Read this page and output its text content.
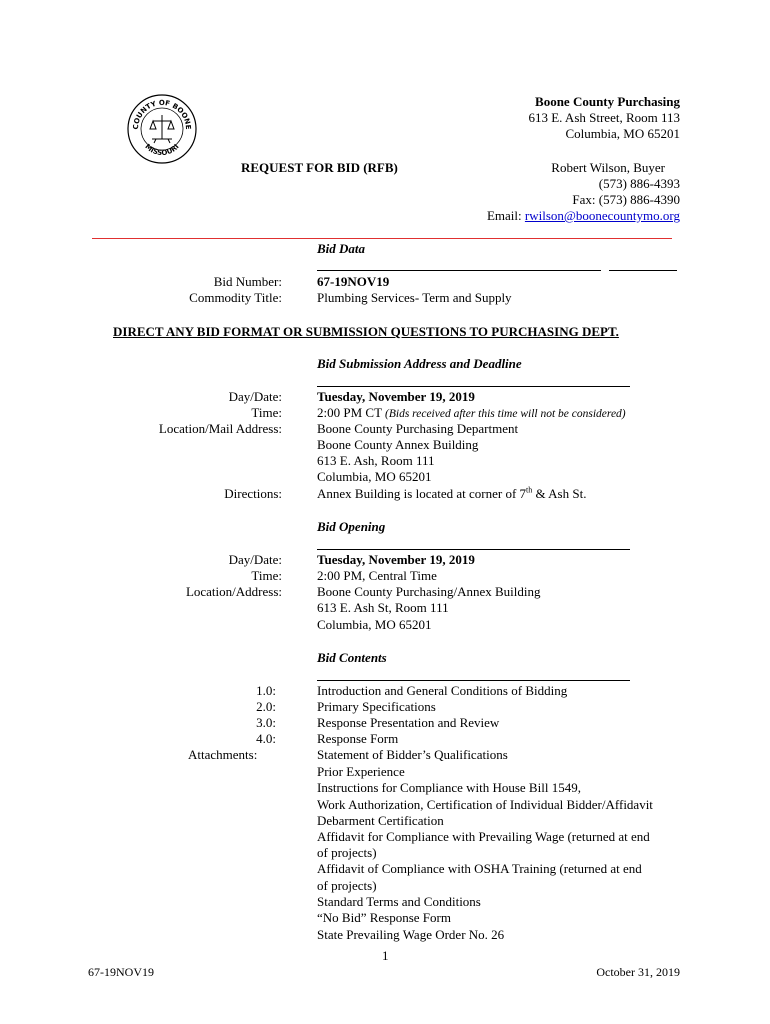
COUNTY OF BOONE
MISSOURI
Boone County Purchasing
613 E. Ash Street, Room 113
Columbia, MO 65201
REQUEST FOR BID (RFB)	Robert Wilson, Buyer
(573) 886-4393
Fax: (573) 886-4390
Email: rwilson@boonecountymo.org
Bid Data
Bid Number:	67-19NOV19
Commodity Title:	Plumbing Services- Term and Supply
DIRECT ANY BID FORMAT OR SUBMISSION QUESTIONS TO PURCHASING DEPT.
Bid Submission Address and Deadline
Day/Date:	Tuesday, November 19, 2019
Time:	2:00 PM CT (Bids received after this time will not be considered)
Location/Mail Address:	Boone County Purchasing Department
Boone County Annex Building
613 E. Ash, Room 111
Columbia, MO 65201
Directions:	Annex Building is located at corner of 7th & Ash St.
Bid Opening
Day/Date:	Tuesday, November 19, 2019
Time:	2:00 PM, Central Time
Location/Address:	Boone County Purchasing/Annex Building
613 E. Ash St, Room 111
Columbia, MO 65201
Bid Contents
1.0:	Introduction and General Conditions of Bidding
2.0:	Primary Specifications
3.0:	Response Presentation and Review
4.0:	Response Form
Attachments:	Statement of Bidder’s Qualifications
Prior Experience
Instructions for Compliance with House Bill 1549,
Work Authorization, Certification of Individual Bidder/Affidavit
Debarment Certification
Affidavit for Compliance with Prevailing Wage (returned at end
of projects)
Affidavit of Compliance with OSHA Training (returned at end
of projects)
Standard Terms and Conditions
“No Bid” Response Form
State Prevailing Wage Order No. 26
1
67-19NOV19	October 31, 2019
